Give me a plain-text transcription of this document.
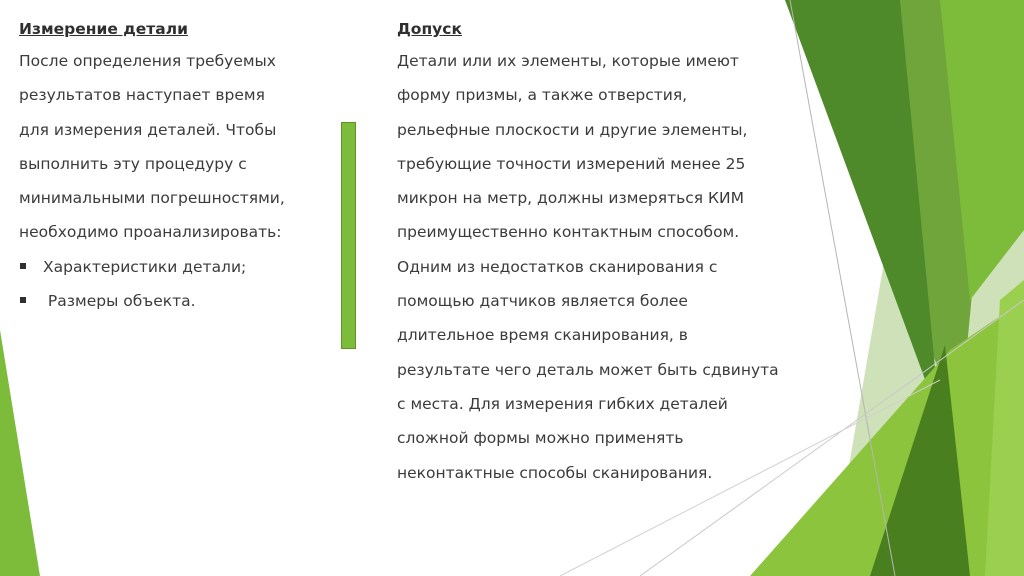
Измерение детали

После определения требуемых

результатов наступает время

для измерения деталей. Чтобы

выполнить эту процедуру с

минимальными погрешностями,

необходимо проанализировать:

Характеристики детали;
Размеры объекта.

Допуск

Детали или их элементы, которые имеют

форму призмы, а также отверстия,

рельефные плоскости и другие элементы,

требующие точности измерений менее 25

микрон на метр, должны измеряться КИМ

преимущественно контактным способом.

Одним из недостатков сканирования с

помощью датчиков является более

длительное время сканирования, в

результате чего деталь может быть сдвинута

с места. Для измерения гибких деталей

сложной формы можно применять

неконтактные способы сканирования.
